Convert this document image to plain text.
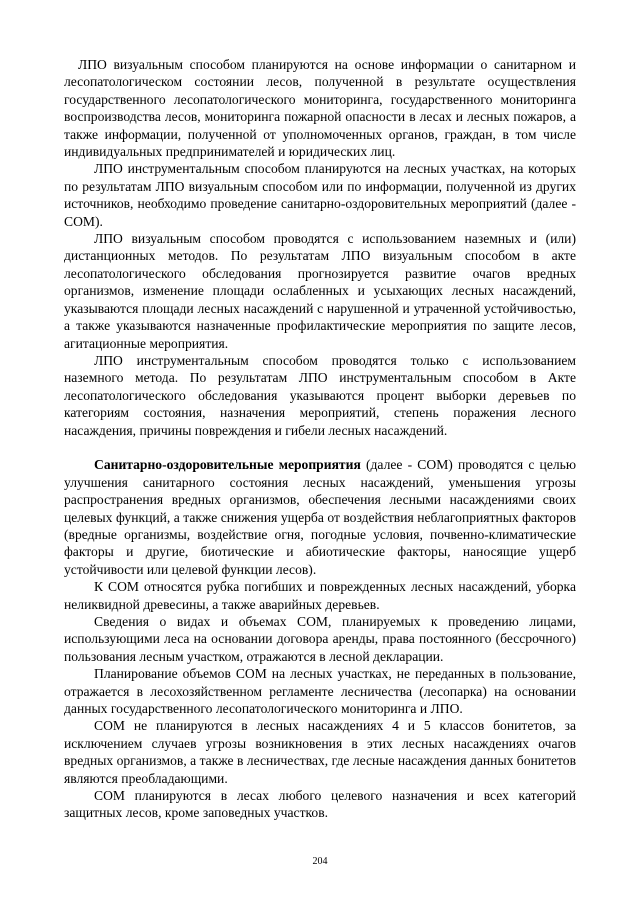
ЛПО визуальным способом планируются на основе информации о санитарном и лесопатологическом состоянии лесов, полученной в результате осуществления государственного лесопатологического мониторинга, государственного мониторинга воспроизводства лесов, мониторинга пожарной опасности в лесах и лесных пожаров, а также информации, полученной от уполномоченных органов, граждан, в том числе индивидуальных предпринимателей и юридических лиц.

ЛПО инструментальным способом планируются на лесных участках, на которых по результатам ЛПО визуальным способом или по информации, полученной из других источников, необходимо проведение санитарно-оздоровительных мероприятий (далее - СОМ).

ЛПО визуальным способом проводятся с использованием наземных и (или) дистанционных методов. По результатам ЛПО визуальным способом в акте лесопатологического обследования прогнозируется развитие очагов вредных организмов, изменение площади ослабленных и усыхающих лесных насаждений, указываются площади лесных насаждений с нарушенной и утраченной устойчивостью, а также указываются назначенные профилактические мероприятия по защите лесов, агитационные мероприятия.

ЛПО инструментальным способом проводятся только с использованием наземного метода. По результатам ЛПО инструментальным способом в Акте лесопатологического обследования указываются процент выборки деревьев по категориям состояния, назначения мероприятий, степень поражения лесного насаждения, причины повреждения и гибели лесных насаждений.

Санитарно-оздоровительные мероприятия (далее - СОМ) проводятся с целью улучшения санитарного состояния лесных насаждений, уменьшения угрозы распространения вредных организмов, обеспечения лесными насаждениями своих целевых функций, а также снижения ущерба от воздействия неблагоприятных факторов (вредные организмы, воздействие огня, погодные условия, почвенно-климатические факторы и другие, биотические и абиотические факторы, наносящие ущерб устойчивости или целевой функции лесов).

К СОМ относятся рубка погибших и поврежденных лесных насаждений, уборка неликвидной древесины, а также аварийных деревьев.

Сведения о видах и объемах СОМ, планируемых к проведению лицами, использующими леса на основании договора аренды, права постоянного (бессрочного) пользования лесным участком, отражаются в лесной декларации.

Планирование объемов СОМ на лесных участках, не переданных в пользование, отражается в лесохозяйственном регламенте лесничества (лесопарка) на основании данных государственного лесопатологического мониторинга и ЛПО.

СОМ не планируются в лесных насаждениях 4 и 5 классов бонитетов, за исключением случаев угрозы возникновения в этих лесных насаждениях очагов вредных организмов, а также в лесничествах, где лесные насаждения данных бонитетов являются преобладающими.

СОМ планируются в лесах любого целевого назначения и всех категорий защитных лесов, кроме заповедных участков.

204
